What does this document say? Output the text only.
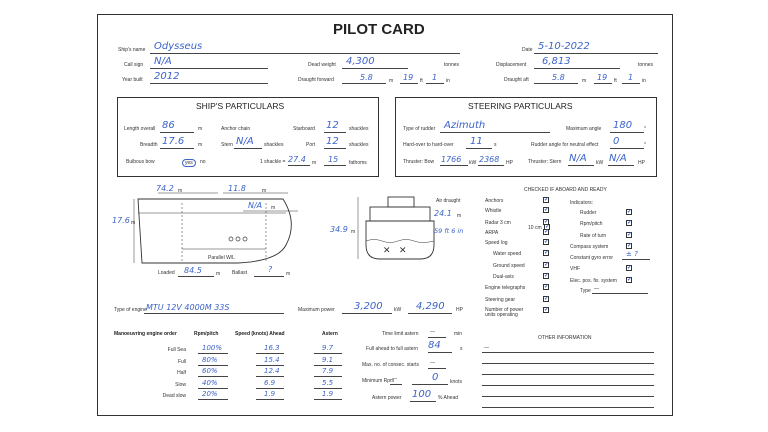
PILOT CARD
Ship's name Odysseus	Date 5-10-2022
Call sign N/A	Dead weight 4,300	tonnes	Displacement 6,813	tonnes
Year built 2012	Draught forward	5.8	m 19 ft 1 in	Draught aft	5.8	m 19 ft 1 in
SHIP'S PARTICULARS
Length overall 86	m	Anchor chain	Starboard 12 shackles
Breadth 17.6	m	Stern N/A shackles	Port 12 shackles
Bulbous bow	yes	no	1 shackle = 27.4 m 15 fathoms
STEERING PARTICULARS
Type of rudder Azimuth	Maximum angle 180 °
Hard-over to hard-over 11 s	Rudder angle for neutral effect 0	°
Thruster: Bow 1766 kW 2368 HP	Thruster: Stern N/A kW N/A HP
74.2 m	11.8	m
N/A m
17.6 m
Parallel W/L
Loaded 84.5	m Ballast	?	m
✕ ✕
34.9 m
Air draught
24.1 m
59 ft 6 in
CHECKED IF ABOARD AND READY
10 cm ✓
Indicators:
± ?
Type —
Type of engine MTU 12V 4000M 33S	Maximum power 3,200 kW 4,290 HP
Manoeuvring engine order	Rpm/pitch	Speed (knots) Ahead	Astern	Time limit astern —	min
Full ahead to full astern 84	s
Max. no. of consec. starts —
Minimum Rpm
—	0 knots
Astern power 100 % Ahead
OTHER INFORMATION
—
Anchors	✓
Whistle	✓
Radar 3 cm	✓
ARPA	✓
Speed log	✓
Water speed	✓
Ground speed	✓
Dual-axis	✓
Engine telegraphs	✓
Steering gear	✓
Number of power units operating
✓
Rudder	✓
Rpm/pitch	✓
Rate of turn	✓
Compass system	✓
Constant gyro error
VHF	✓
Elec. pos. fix. system ✓
Full Sea 100%	16.3	9.7
Full 80%	15.4	9.1
Half 60%	12.4	7.9
Slow 40%	6.9	5.5
Dead slow 20%	1.9	1.9
